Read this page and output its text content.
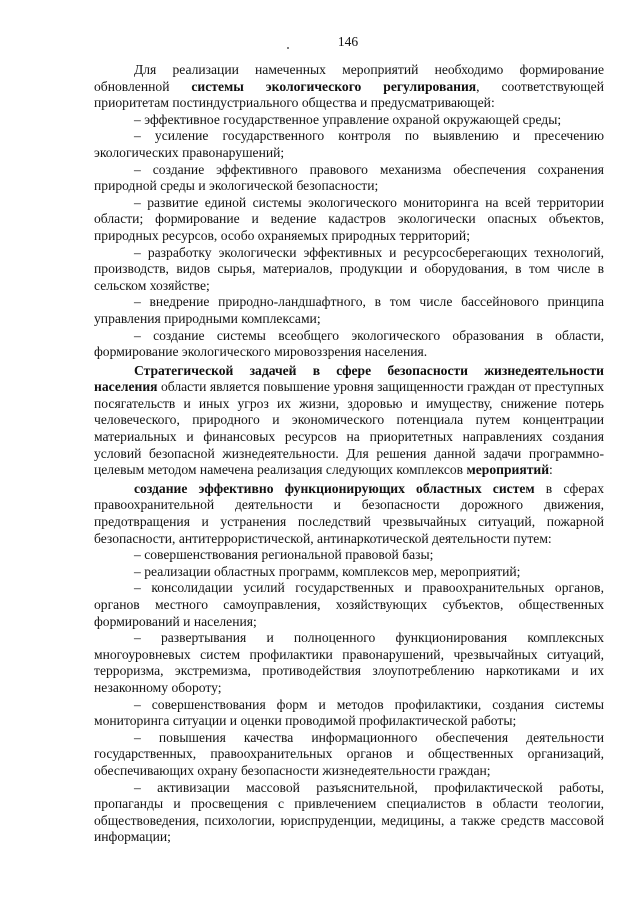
146

Для реализации намеченных мероприятий необходимо формирование обновленной системы экологического регулирования, соответствующей приоритетам постиндустриального общества и предусматривающей:

– эффективное государственное управление охраной окружающей среды;

– усиление государственного контроля по выявлению и пресечению экологических правонарушений;

– создание эффективного правового механизма обеспечения сохранения природной среды и экологической безопасности;

– развитие единой системы экологического мониторинга на всей территории области; формирование и ведение кадастров экологически опасных объектов, природных ресурсов, особо охраняемых природных территорий;

– разработку экологически эффективных и ресурсосберегающих технологий, производств, видов сырья, материалов, продукции и оборудования, в том числе в сельском хозяйстве;

– внедрение природно-ландшафтного, в том числе бассейнового принципа управления природными комплексами;

– создание системы всеобщего экологического образования в области, формирование экологического мировоззрения населения.

Стратегической задачей в сфере безопасности жизнедеятельности населения области является повышение уровня защищенности граждан от преступных посягательств и иных угроз их жизни, здоровью и имуществу, снижение потерь человеческого, природного и экономического потенциала путем концентрации материальных и финансовых ресурсов на приоритетных направлениях создания условий безопасной жизнедеятельности. Для решения данной задачи программно-целевым методом намечена реализация следующих комплексов мероприятий:

создание эффективно функционирующих областных систем в сферах правоохранительной деятельности и безопасности дорожного движения, предотвращения и устранения последствий чрезвычайных ситуаций, пожарной безопасности, антитеррористической, антинаркотической деятельности путем:

– совершенствования региональной правовой базы;

– реализации областных программ, комплексов мер, мероприятий;

– консолидации усилий государственных и правоохранительных органов, органов местного самоуправления, хозяйствующих субъектов, общественных формирований и населения;

– развертывания и полноценного функционирования комплексных многоуровневых систем профилактики правонарушений, чрезвычайных ситуаций, терроризма, экстремизма, противодействия злоупотреблению наркотиками и их незаконному обороту;

– совершенствования форм и методов профилактики, создания системы мониторинга ситуации и оценки проводимой профилактической работы;

– повышения качества информационного обеспечения деятельности государственных, правоохранительных органов и общественных организаций, обеспечивающих охрану безопасности жизнедеятельности граждан;

– активизации массовой разъяснительной, профилактической работы, пропаганды и просвещения с привлечением специалистов в области теологии, обществоведения, психологии, юриспруденции, медицины, а также средств массовой информации;
